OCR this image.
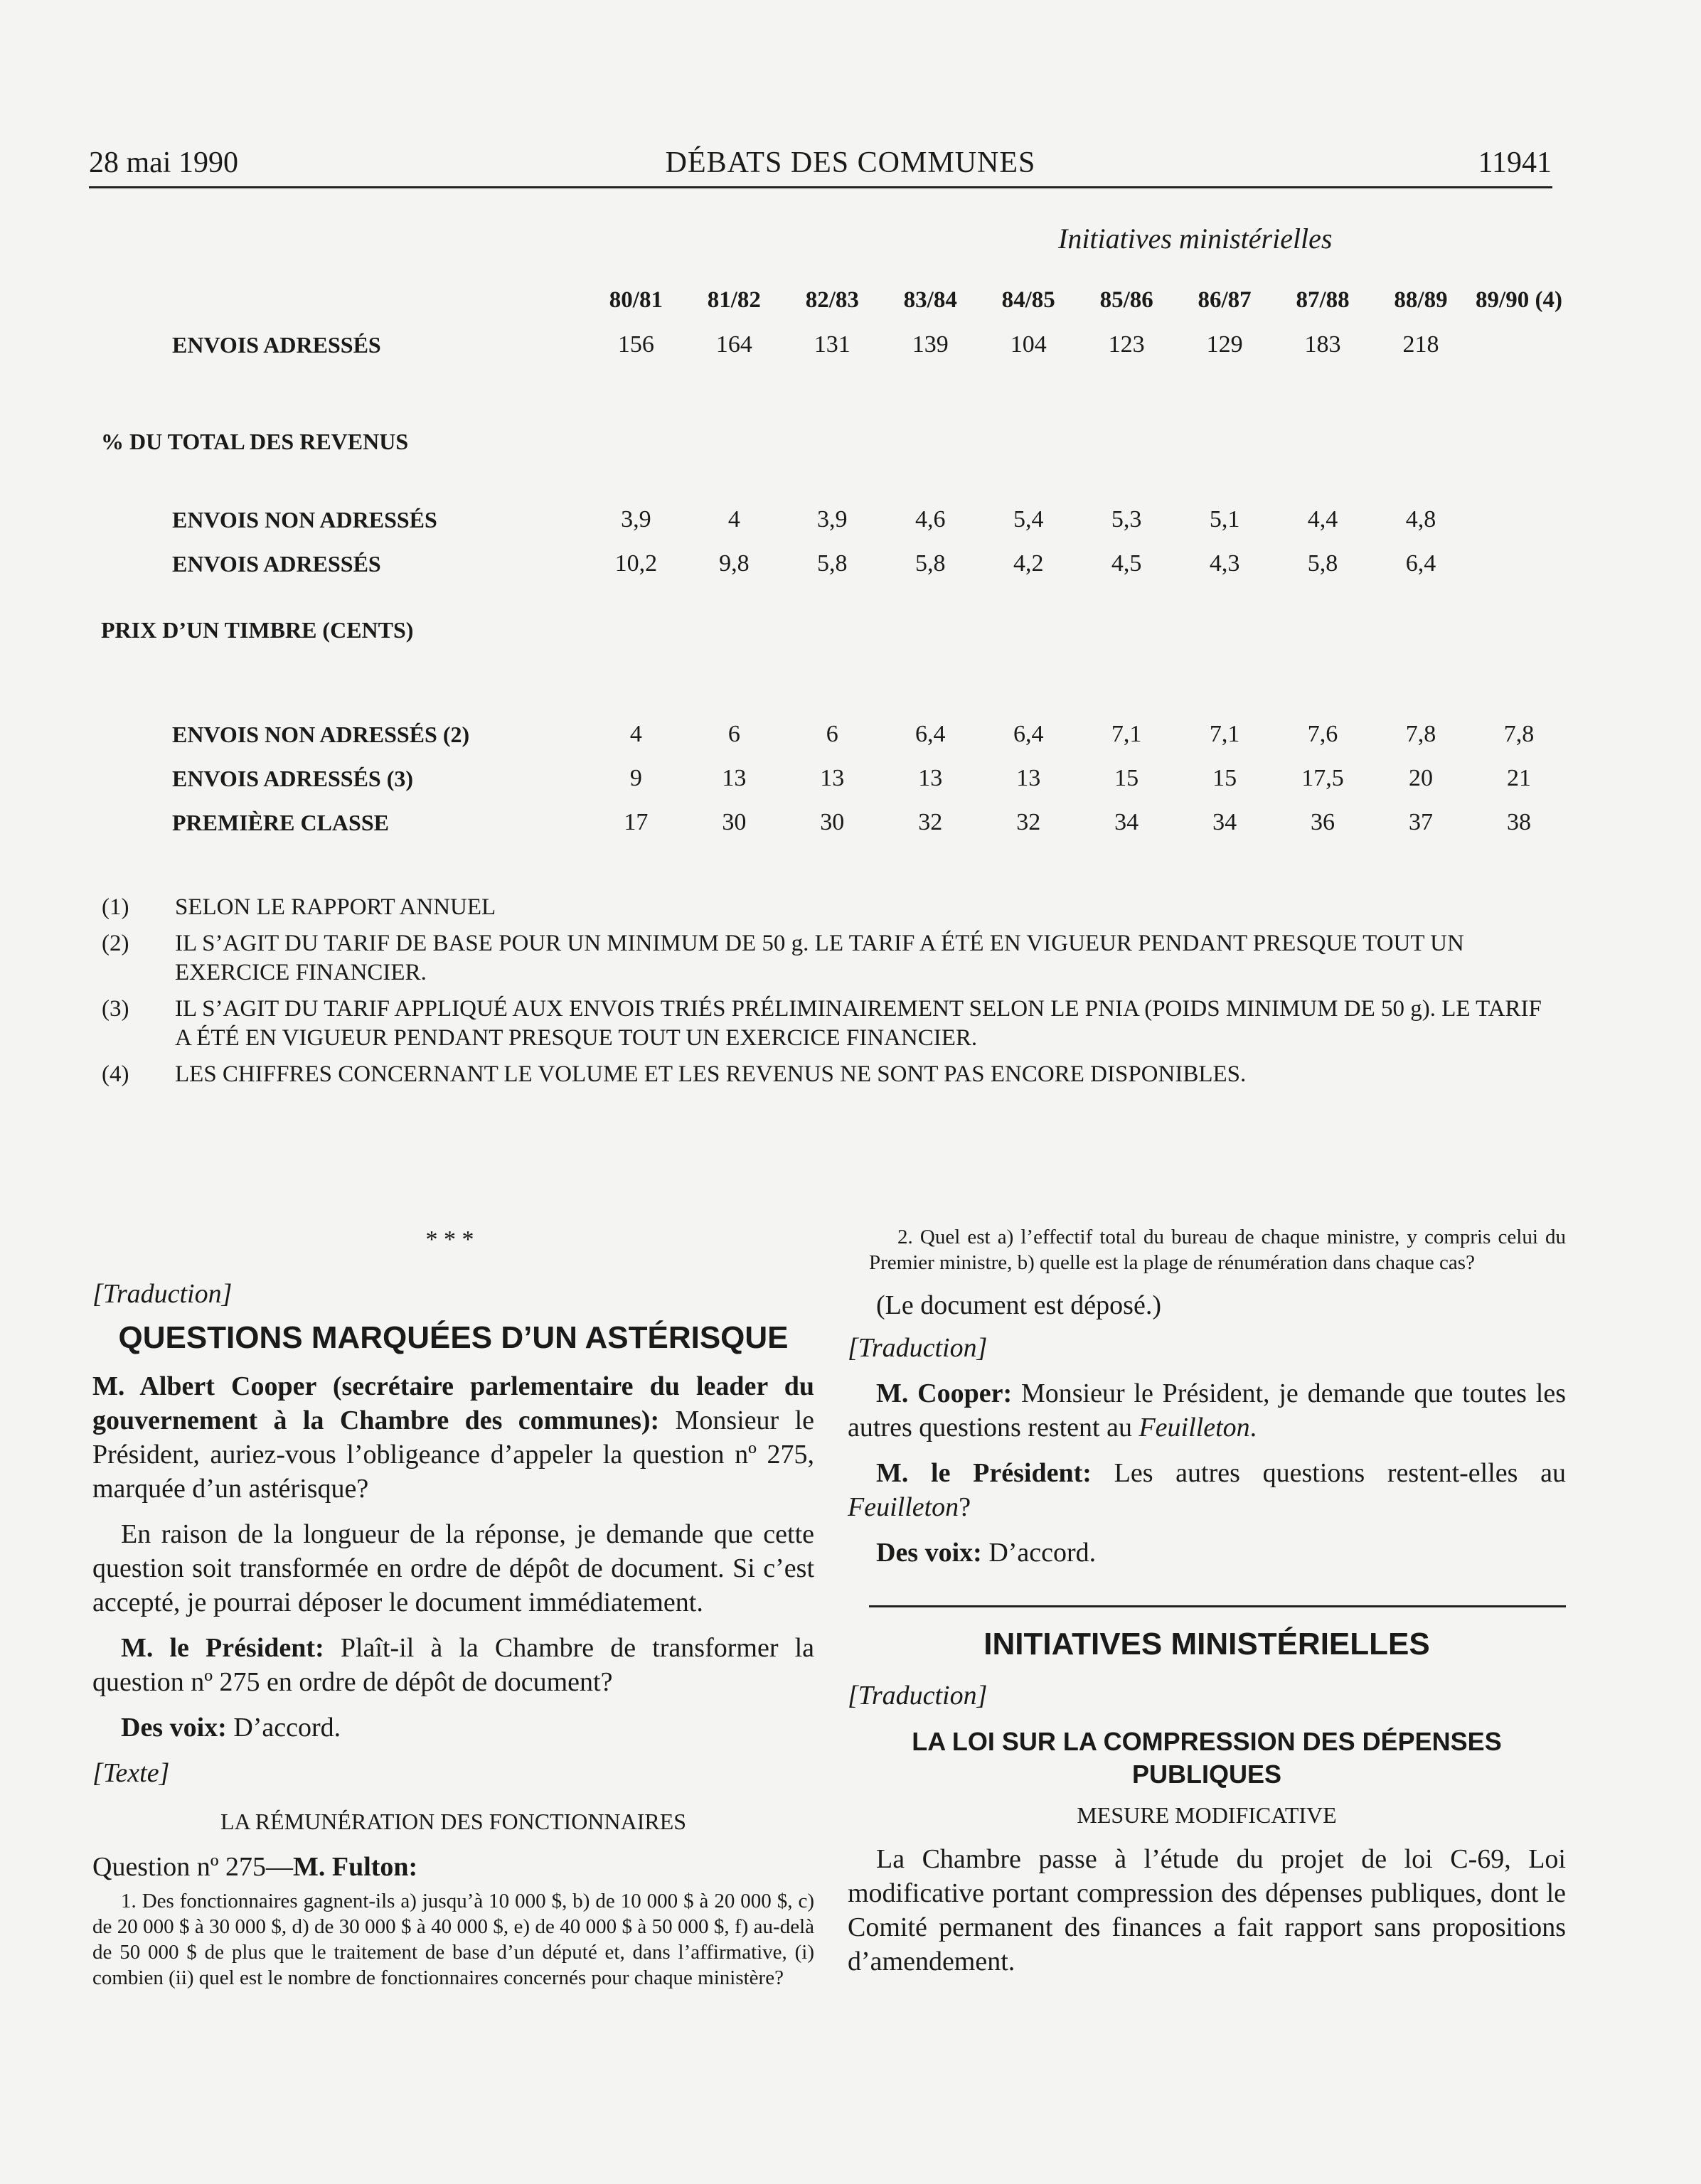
28 mai 1990	DÉBATS DES COMMUNES	11941
Initiatives ministérielles
	80/81	81/82	82/83	83/84	84/85	85/86	86/87	87/88	88/89	89/90 (4)
ENVOIS ADRESSÉS	156	164	131	139	104	123	129	183	218	
% DU TOTAL DES REVENUS										

ENVOIS NON ADRESSÉS	3,9	4	3,9	4,6	5,4	5,3	5,1	4,4	4,8	
ENVOIS ADRESSÉS	10,2	9,8	5,8	5,8	4,2	4,5	4,3	5,8	6,4	
PRIX D’UN TIMBRE (CENTS)										

ENVOIS NON ADRESSÉS (2)	4	6	6	6,4	6,4	7,1	7,1	7,6	7,8	7,8
ENVOIS ADRESSÉS (3)	9	13	13	13	13	15	15	17,5	20	21
PREMIÈRE CLASSE	17	30	30	32	32	34	34	36	37	38
(1)	SELON LE RAPPORT ANNUEL
(2)	IL S’AGIT DU TARIF DE BASE POUR UN MINIMUM DE 50 g. LE TARIF A ÉTÉ EN VIGUEUR PENDANT PRESQUE TOUT UN EXERCICE FINANCIER.
(3)	IL S’AGIT DU TARIF APPLIQUÉ AUX ENVOIS TRIÉS PRÉLIMINAIREMENT SELON LE PNIA (POIDS MINIMUM DE 50 g). LE TARIF A ÉTÉ EN VIGUEUR PENDANT PRESQUE TOUT UN EXERCICE FINANCIER.
(4)	LES CHIFFRES CONCERNANT LE VOLUME ET LES REVENUS NE SONT PAS ENCORE DISPONIBLES.
* * *

[Traduction]

QUESTIONS MARQUÉES D’UN ASTÉRISQUE

M. Albert Cooper (secrétaire parlementaire du leader du gouvernement à la Chambre des communes): Monsieur le Président, auriez-vous l’obligeance d’appeler la question nº 275, marquée d’un astérisque?

En raison de la longueur de la réponse, je demande que cette question soit transformée en ordre de dépôt de document. Si c’est accepté, je pourrai déposer le document immédiatement.

M. le Président: Plaît-il à la Chambre de transformer la question nº 275 en ordre de dépôt de document?

Des voix: D’accord.

[Texte]

LA RÉMUNÉRATION DES FONCTIONNAIRES

Question nº 275—M. Fulton:

1. Des fonctionnaires gagnent-ils a) jusqu’à 10 000 $, b) de 10 000 $ à 20 000 $, c) de 20 000 $ à 30 000 $, d) de 30 000 $ à 40 000 $, e) de 40 000 $ à 50 000 $, f) au-delà de 50 000 $ de plus que le traitement de base d’un député et, dans l’affirmative, (i) combien (ii) quel est le nombre de fonctionnaires concernés pour chaque ministère?

2. Quel est a) l’effectif total du bureau de chaque ministre, y compris celui du Premier ministre, b) quelle est la plage de rénumération dans chaque cas?

(Le document est déposé.)

[Traduction]

M. Cooper: Monsieur le Président, je demande que toutes les autres questions restent au Feuilleton.

M. le Président: Les autres questions restent-elles au Feuilleton?

Des voix: D’accord.

INITIATIVES MINISTÉRIELLES

[Traduction]

LA LOI SUR LA COMPRESSION DES DÉPENSES PUBLIQUES

MESURE MODIFICATIVE

La Chambre passe à l’étude du projet de loi C-69, Loi modificative portant compression des dépenses publiques, dont le Comité permanent des finances a fait rapport sans propositions d’amendement.
